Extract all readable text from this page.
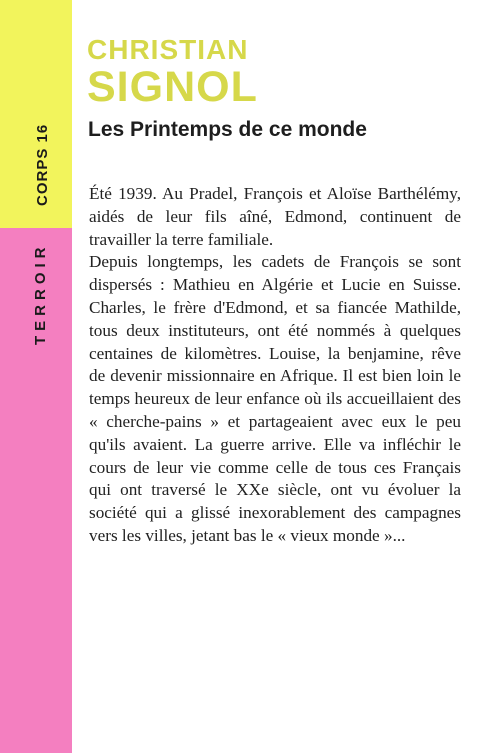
CORPS 16
TERROIR
CHRISTIAN
SIGNOL
Les Printemps de ce monde

Été 1939. Au Pradel, François et Aloïse Barthélémy, aidés de leur fils aîné, Edmond, continuent de travailler la terre familiale.

Depuis longtemps, les cadets de François se sont dispersés : Mathieu en Algérie et Lucie en Suisse. Charles, le frère d'Edmond, et sa fiancée Mathilde, tous deux instituteurs, ont été nommés à quelques centaines de kilomètres. Louise, la benjamine, rêve de devenir missionnaire en Afrique. Il est bien loin le temps heureux de leur enfance où ils accueillaient des « cherche-pains » et partageaient avec eux le peu qu'ils avaient. La guerre arrive. Elle va infléchir le cours de leur vie comme celle de tous ces Français qui ont traversé le XXe siècle, ont vu évoluer la société qui a glissé inexorablement des campagnes vers les villes, jetant bas le « vieux monde »...
